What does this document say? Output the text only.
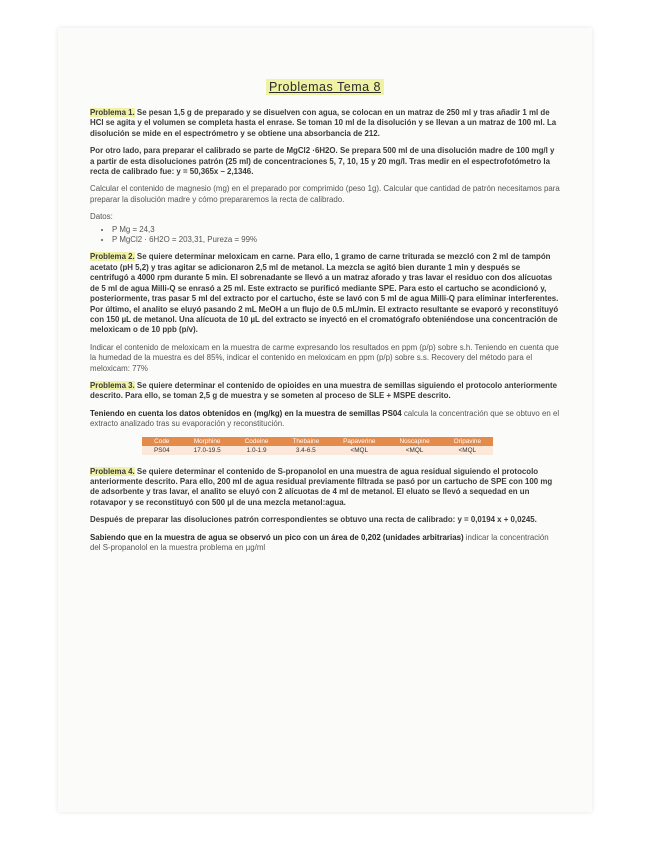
Problemas Tema 8

Problema 1. Se pesan 1,5 g de preparado y se disuelven con agua, se colocan en un matraz de 250 ml y tras añadir 1 ml de HCl se agita y el volumen se completa hasta el enrase. Se toman 10 ml de la disolución y se llevan a un matraz de 100 ml. La disolución se mide en el espectrómetro y se obtiene una absorbancia de 212.

Por otro lado, para preparar el calibrado se parte de MgCl2 ·6H2O. Se prepara 500 ml de una disolución madre de 100 mg/l y a partir de esta disoluciones patrón (25 ml) de concentraciones 5, 7, 10, 15 y 20 mg/l. Tras medir en el espectrofotómetro la recta de calibrado fue: y = 50,365x – 2,1346.

Calcular el contenido de magnesio (mg) en el preparado por comprimido (peso 1g). Calcular que cantidad de patrón necesitamos para preparar la disolución madre y cómo prepararemos la recta de calibrado.

Datos:

• P Mg = 24,3
• P MgCl2 · 6H2O = 203,31, Pureza = 99%

Problema 2. Se quiere determinar meloxicam en carne. Para ello, 1 gramo de carne triturada se mezcló con 2 ml de tampón acetato (pH 5,2) y tras agitar se adicionaron 2,5 ml de metanol. La mezcla se agitó bien durante 1 min y después se centrifugó a 4000 rpm durante 5 min. El sobrenadante se llevó a un matraz aforado y tras lavar el residuo con dos alícuotas de 5 ml de agua Milli-Q se enrasó a 25 ml. Este extracto se purificó mediante SPE. Para esto el cartucho se acondicionó y, posteriormente, tras pasar 5 ml del extracto por el cartucho, éste se lavó con 5 ml de agua Milli-Q para eliminar interferentes. Por último, el analito se eluyó pasando 2 mL MeOH a un flujo de 0.5 mL/min. El extracto resultante se evaporó y reconstituyó con 150 µL de metanol. Una alícuota de 10 µL del extracto se inyectó en el cromatógrafo obteniéndose una concentración de meloxicam o de 10 ppb (p/v).

Indicar el contenido de meloxicam en la muestra de carme expresando los resultados en ppm (p/p) sobre s.h. Teniendo en cuenta que la humedad de la muestra es del 85%, indicar el contenido en meloxicam en ppm (p/p) sobre s.s. Recovery del método para el meloxicam: 77%

Problema 3. Se quiere determinar el contenido de opioides en una muestra de semillas siguiendo el protocolo anteriormente descrito. Para ello, se toman 2,5 g de muestra y se someten al proceso de SLE + MSPE descrito.

Teniendo en cuenta los datos obtenidos en (mg/kg) en la muestra de semillas PS04 calcula la concentración que se obtuvo en el extracto analizado tras su evaporación y reconstitución.

Code	Morphine	Codeine	Thebaine	Papaverine	Noscapine	Oripavine
PS04	17.0-19.5	1.0-1.9	3.4-6.5	<MQL	<MQL	<MQL

Problema 4. Se quiere determinar el contenido de S-propanolol en una muestra de agua residual siguiendo el protocolo anteriormente descrito. Para ello, 200 ml de agua residual previamente filtrada se pasó por un cartucho de SPE con 100 mg de adsorbente y tras lavar, el analito se eluyó con 2 alícuotas de 4 ml de metanol. El eluato se llevó a sequedad en un rotavapor y se reconstituyó con 500 µl de una mezcla metanol:agua.

Después de preparar las disoluciones patrón correspondientes se obtuvo una recta de calibrado: y = 0,0194 x + 0,0245.

Sabiendo que en la muestra de agua se observó un pico con un área de 0,202 (unidades arbitrarias) indicar la concentración del S-propanolol en la muestra problema en µg/ml
